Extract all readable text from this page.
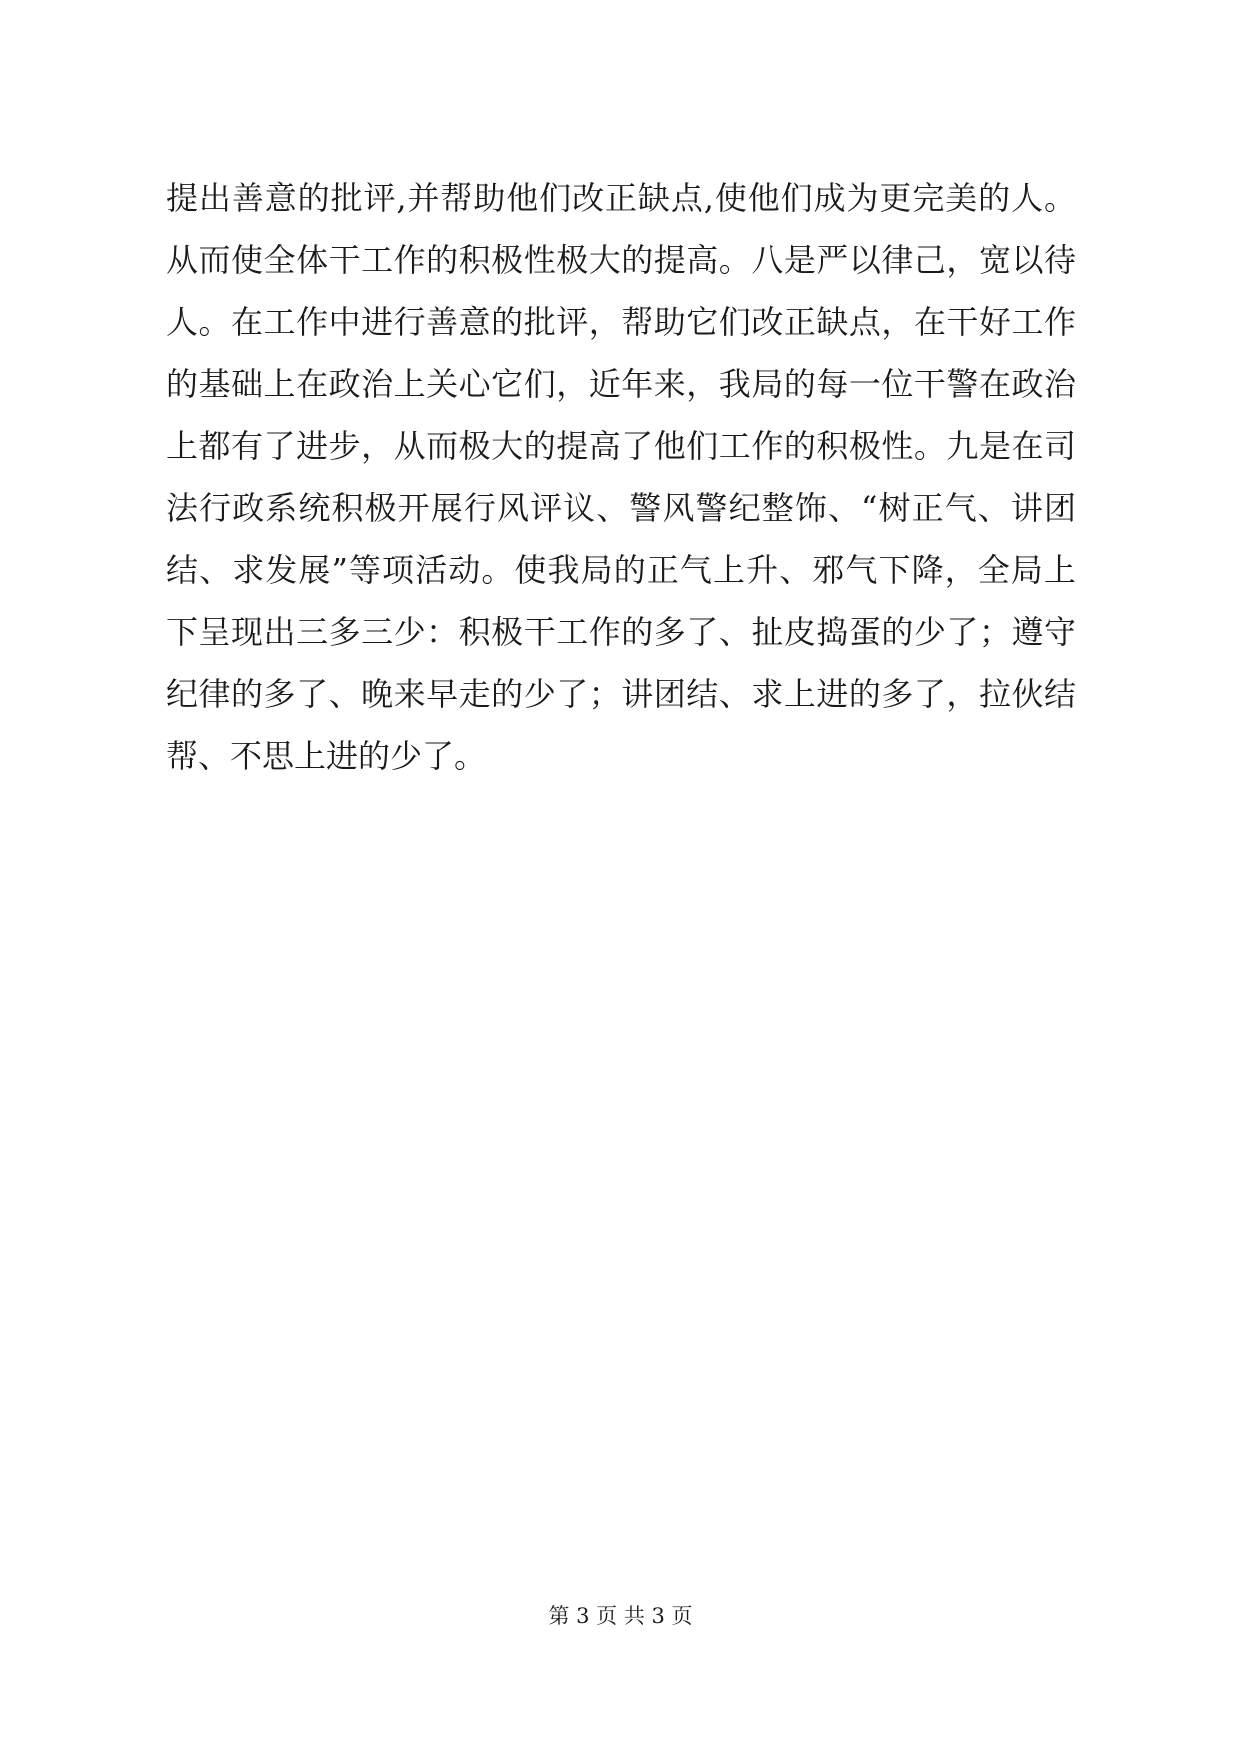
提出善意的批评,并帮助他们改正缺点,使他们成为更完美的人。
从而使全体干工作的积极性极大的提高。八是严以律己，宽以待
人。在工作中进行善意的批评，帮助它们改正缺点，在干好工作
的基础上在政治上关心它们，近年来，我局的每一位干警在政治
上都有了进步，从而极大的提高了他们工作的积极性。九是在司
法行政系统积极开展行风评议、警风警纪整饰、“树正气、讲团
结、求发展”等项活动。使我局的正气上升、邪气下降，全局上
下呈现出三多三少：积极干工作的多了、扯皮捣蛋的少了；遵守
纪律的多了、晚来早走的少了；讲团结、求上进的多了，拉伙结
帮、不思上进的少了。
第 3 页 共 3 页
